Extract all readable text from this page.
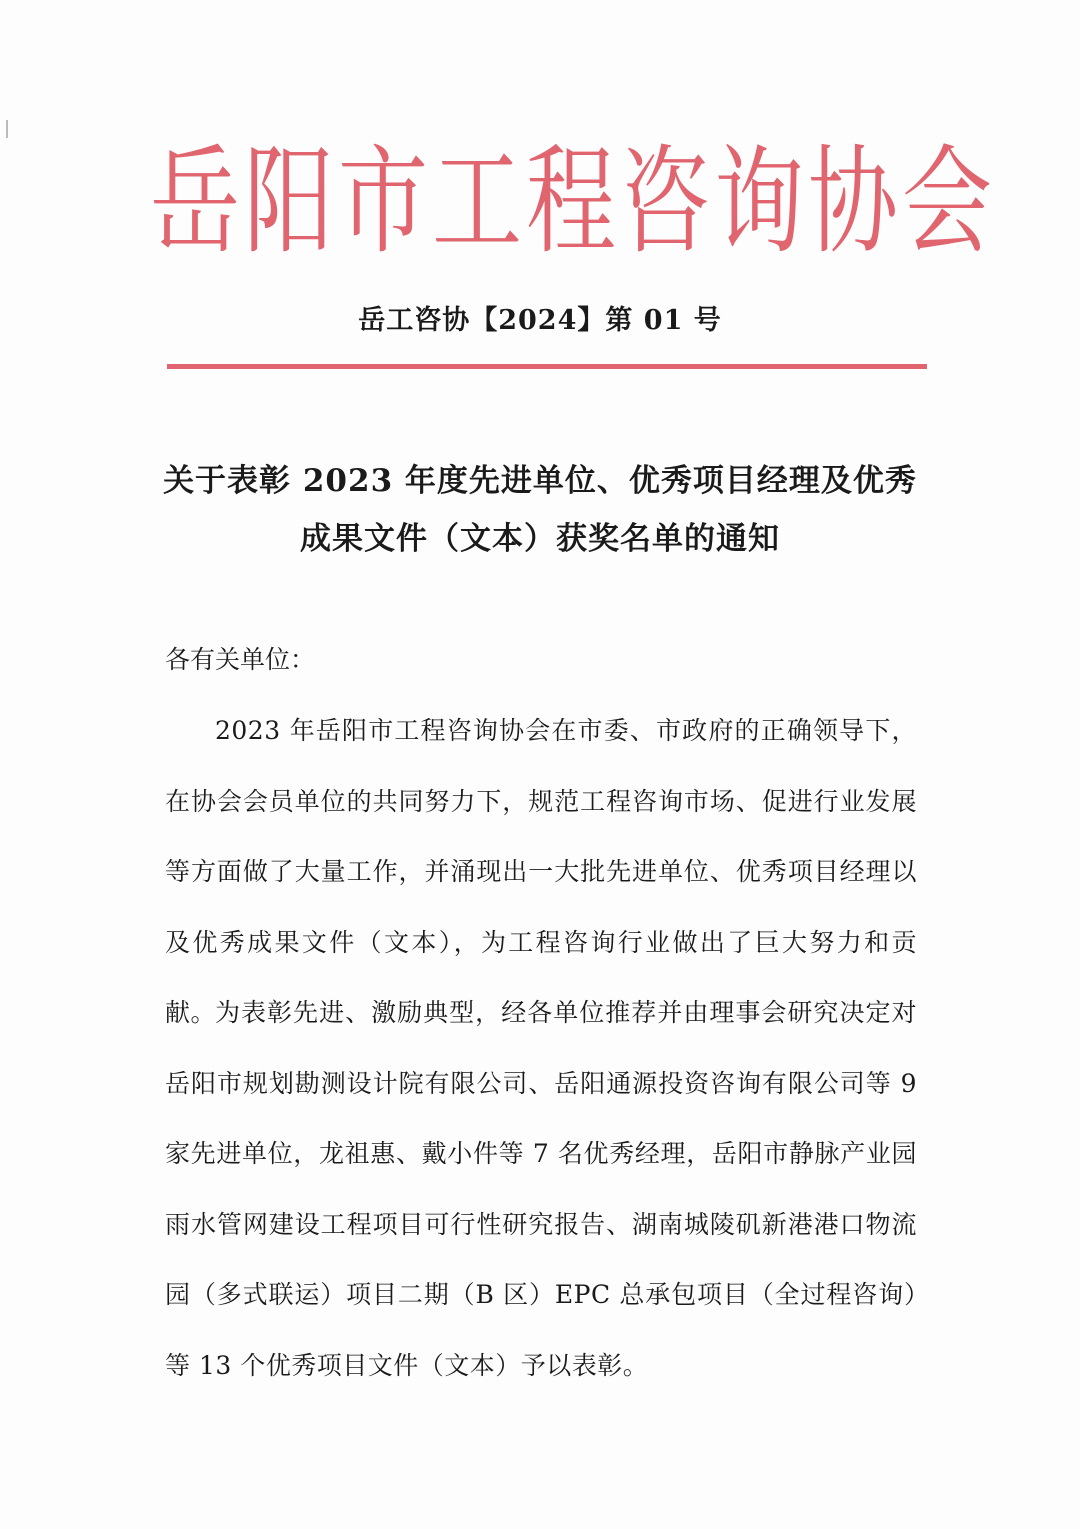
岳阳市工程咨询协会
岳工咨协【2024】第 01 号
关于表彰 2023 年度先进单位、优秀项目经理及优秀
成果文件（文本）获奖名单的通知
各有关单位：

2023 年岳阳市工程咨询协会在市委、市政府的正确领导下，在协会会员单位的共同努力下，规范工程咨询市场、促进行业发展等方面做了大量工作，并涌现出一大批先进单位、优秀项目经理以及优秀成果文件（文本），为工程咨询行业做出了巨大努力和贡献。

为表彰先进、激励典型，经各单位推荐并由理事会研究决定对岳阳市规划勘测设计院有限公司、岳阳通源投资咨询有限公司等 9 家先进单位，龙祖惠、戴小件等 7 名优秀经理，岳阳市静脉产业园雨水管网建设工程项目可行性研究报告、湖南城陵矶新港港口物流园（多式联运）项目二期（B 区）EPC 总承包项目（全过程咨询）等 13 个优秀项目文件（文本）予以表彰。
